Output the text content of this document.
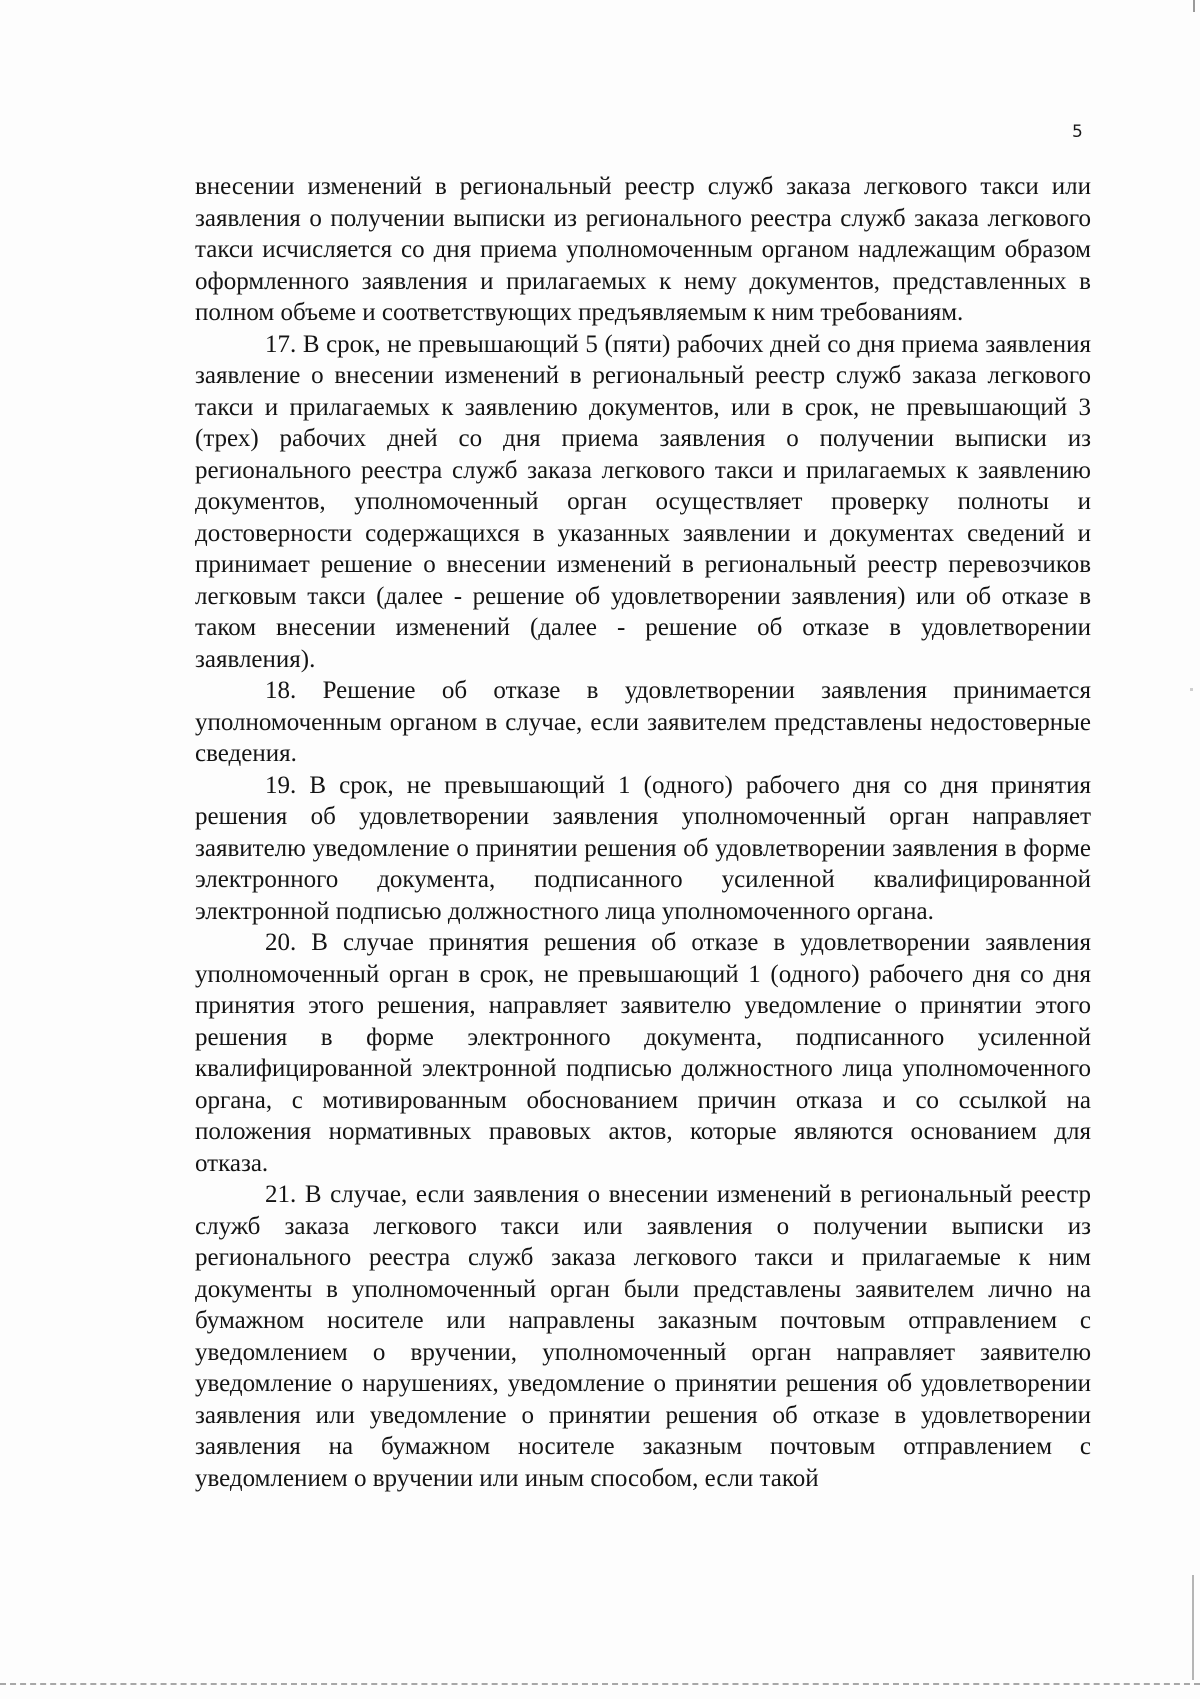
5

внесении изменений в региональный реестр служб заказа легкового такси или заявления о получении выписки из регионального реестра служб заказа легкового такси исчисляется со дня приема уполномоченным органом надлежащим образом оформленного заявления и прилагаемых к нему документов, представленных в полном объеме и соответствующих предъявляемым к ним требованиям.

17. В срок, не превышающий 5 (пяти) рабочих дней со дня приема заявления заявление о внесении изменений в региональный реестр служб заказа легкового такси и прилагаемых к заявлению документов, или в срок, не превышающий 3 (трех) рабочих дней со дня приема заявления о получении выписки из регионального реестра служб заказа легкового такси и прилагаемых к заявлению документов, уполномоченный орган осуществляет проверку полноты и достоверности содержащихся в указанных заявлении и документах сведений и принимает решение о внесении изменений в региональный реестр перевозчиков легковым такси (далее - решение об удовлетворении заявления) или об отказе в таком внесении изменений (далее - решение об отказе в удовлетворении заявления).

18. Решение об отказе в удовлетворении заявления принимается уполномоченным органом в случае, если заявителем представлены недостоверные сведения.

19. В срок, не превышающий 1 (одного) рабочего дня со дня принятия решения об удовлетворении заявления уполномоченный орган направляет заявителю уведомление о принятии решения об удовлетворении заявления в форме электронного документа, подписанного усиленной квалифицированной электронной подписью должностного лица уполномоченного органа.

20. В случае принятия решения об отказе в удовлетворении заявления уполномоченный орган в срок, не превышающий 1 (одного) рабочего дня со дня принятия этого решения, направляет заявителю уведомление о принятии этого решения в форме электронного документа, подписанного усиленной квалифицированной электронной подписью должностного лица уполномоченного органа, с мотивированным обоснованием причин отказа и со ссылкой на положения нормативных правовых актов, которые являются основанием для отказа.

21. В случае, если заявления о внесении изменений в региональный реестр служб заказа легкового такси или заявления о получении выписки из регионального реестра служб заказа легкового такси и прилагаемые к ним документы в уполномоченный орган были представлены заявителем лично на бумажном носителе или направлены заказным почтовым отправлением с уведомлением о вручении, уполномоченный орган направляет заявителю уведомление о нарушениях, уведомление о принятии решения об удовлетворении заявления или уведомление о принятии решения об отказе в удовлетворении заявления на бумажном носителе заказным почтовым отправлением с уведомлением о вручении или иным способом, если такой
